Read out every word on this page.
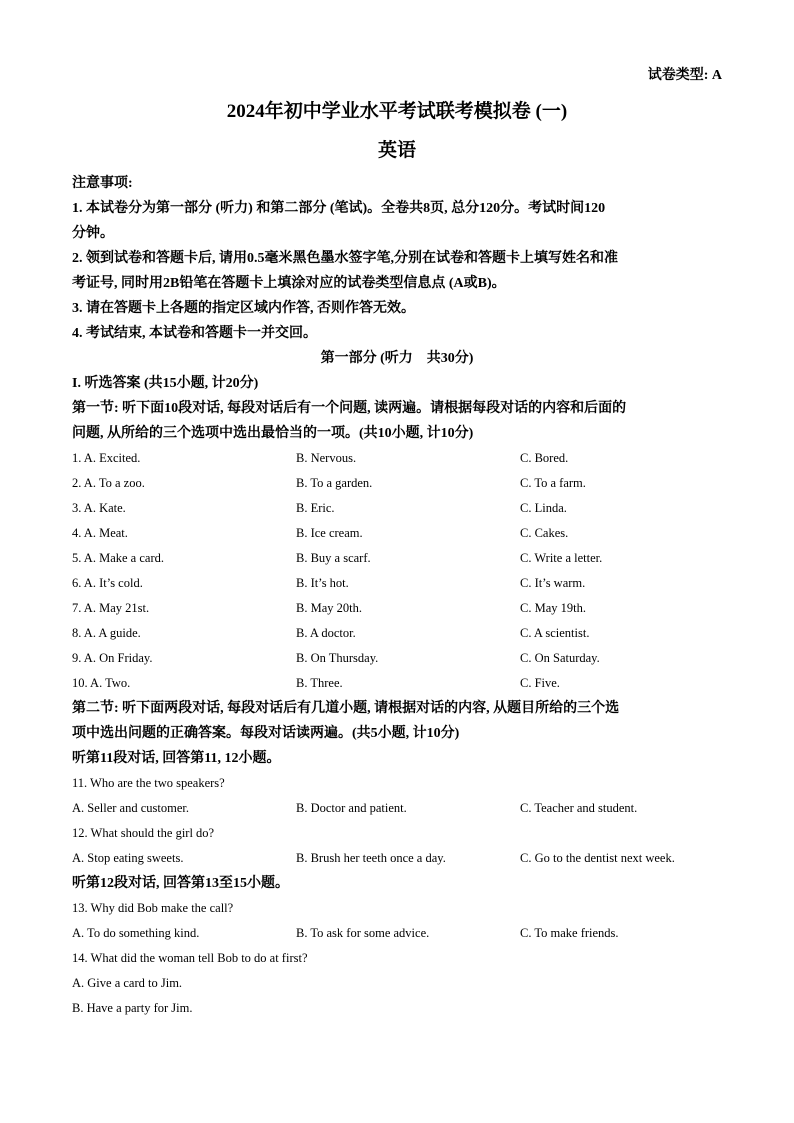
试卷类型: A
2024年初中学业水平考试联考模拟卷 (一)
英语
注意事项:
1. 本试卷分为第一部分 (听力) 和第二部分 (笔试)。全卷共8页, 总分120分。考试时间120
分钟。
2. 领到试卷和答题卡后, 请用0.5毫米黑色墨水签字笔,分别在试卷和答题卡上填写姓名和准
考证号, 同时用2B铅笔在答题卡上填涂对应的试卷类型信息点 (A或B)。
3. 请在答题卡上各题的指定区域内作答, 否则作答无效。
4. 考试结束, 本试卷和答题卡一并交回。
第一部分 (听力　共30分)
I. 听选答案 (共15小题, 计20分)
第一节: 听下面10段对话, 每段对话后有一个问题, 读两遍。请根据每段对话的内容和后面的
问题, 从所给的三个选项中选出最恰当的一项。(共10小题, 计10分)
1. A. Excited.	B. Nervous.	C. Bored.
2. A. To a zoo.	B. To a garden.	C. To a farm.
3. A. Kate.	B. Eric.	C. Linda.
4. A. Meat.	B. Ice cream.	C. Cakes.
5. A. Make a card.	B. Buy a scarf.	C. Write a letter.
6. A. It’s cold.	B. It’s hot.	C. It’s warm.
7. A. May 21st.	B. May 20th.	C. May 19th.
8. A. A guide.	B. A doctor.	C. A scientist.
9. A. On Friday.	B. On Thursday.	C. On Saturday.
10. A. Two.	B. Three.	C. Five.
第二节: 听下面两段对话, 每段对话后有几道小题, 请根据对话的内容, 从题目所给的三个选
项中选出问题的正确答案。每段对话读两遍。(共5小题, 计10分)
听第11段对话, 回答第11, 12小题。
11. Who are the two speakers?
A. Seller and customer.	B. Doctor and patient.	C. Teacher and student.
12. What should the girl do?
A. Stop eating sweets.	B. Brush her teeth once a day.	C. Go to the dentist next week.
听第12段对话, 回答第13至15小题。
13. Why did Bob make the call?
A. To do something kind.	B. To ask for some advice.	C. To make friends.
14. What did the woman tell Bob to do at first?
A. Give a card to Jim.
B. Have a party for Jim.
